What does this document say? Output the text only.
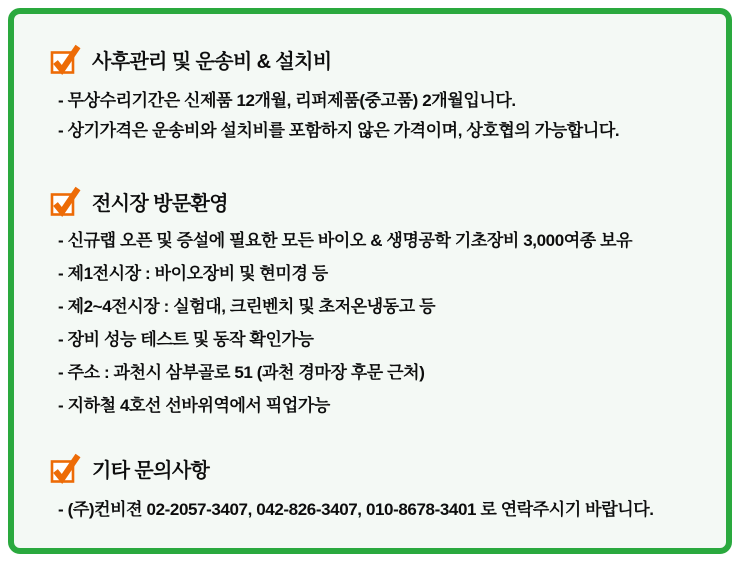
사후관리 및 운송비 & 설치비
- 무상수리기간은 신제품 12개월, 리퍼제품(중고품) 2개월입니다.
- 상기가격은 운송비와 설치비를 포함하지 않은 가격이며, 상호협의 가능합니다.
전시장 방문환영
- 신규랩 오픈 및 증설에 필요한 모든 바이오 & 생명공학 기초장비 3,000여종 보유
- 제1전시장 : 바이오장비 및 현미경 등
- 제2~4전시장 : 실험대, 크린벤치 및 초저온냉동고 등
- 장비 성능 테스트 및 동작 확인가능
- 주소 : 과천시 삼부골로 51 (과천 경마장 후문 근처)
- 지하철 4호선 선바위역에서 픽업가능
기타 문의사항
- (주)컨비젼 02-2057-3407, 042-826-3407, 010-8678-3401 로 연락주시기 바랍니다.
